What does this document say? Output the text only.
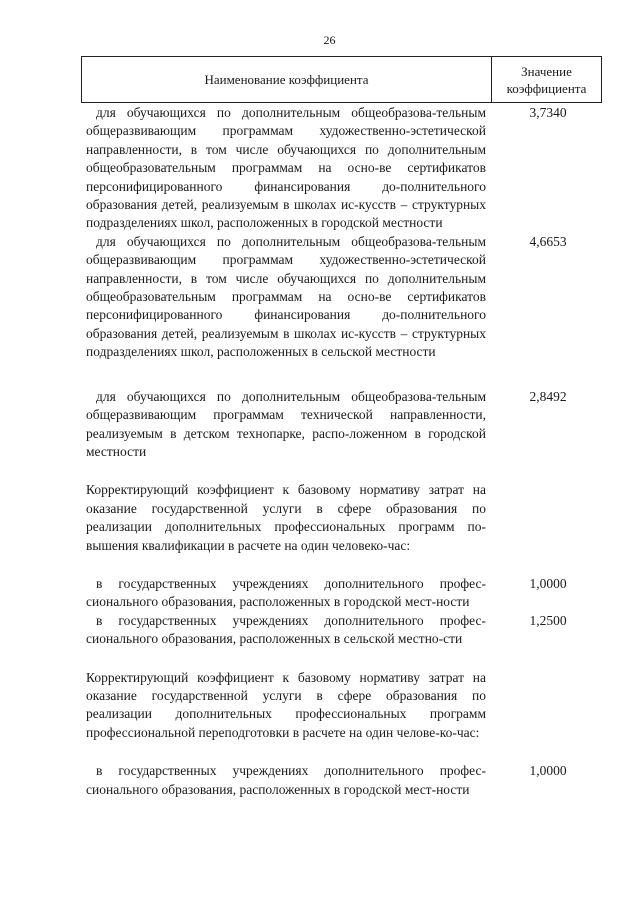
26
Наименование коэффициента
Значение
коэффициента
для обучающихся по дополнительным общеобразова-тельным общеразвивающим программам художественно-эстетической направленности, в том числе обучающихся по дополнительным общеобразовательным программам на осно-ве сертификатов персонифицированного финансирования до-полнительного образования детей, реализуемым в школах ис-кусств – структурных подразделениях школ, расположенных в городской местности
3,7340
для обучающихся по дополнительным общеобразова-тельным общеразвивающим программам художественно-эстетической направленности, в том числе обучающихся по дополнительным общеобразовательным программам на осно-ве сертификатов персонифицированного финансирования до-полнительного образования детей, реализуемым в школах ис-кусств – структурных подразделениях школ, расположенных в сельской местности
4,6653
для обучающихся по дополнительным общеобразова-тельным общеразвивающим программам технической направленности, реализуемым в детском технопарке, распо-ложенном в городской местности
2,8492
Корректирующий коэффициент к базовому нормативу затрат на оказание государственной услуги в сфере образования по реализации дополнительных профессиональных программ по-вышения квалификации в расчете на один человеко-час:
в государственных учреждениях дополнительного профес-сионального образования, расположенных в городской мест-ности
1,0000
в государственных учреждениях дополнительного профес-сионального образования, расположенных в сельской местно-сти
1,2500
Корректирующий коэффициент к базовому нормативу затрат на оказание государственной услуги в сфере образования по реализации дополнительных профессиональных программ профессиональной переподготовки в расчете на один челове-ко-час:
в государственных учреждениях дополнительного профес-сионального образования, расположенных в городской мест-ности
1,0000
